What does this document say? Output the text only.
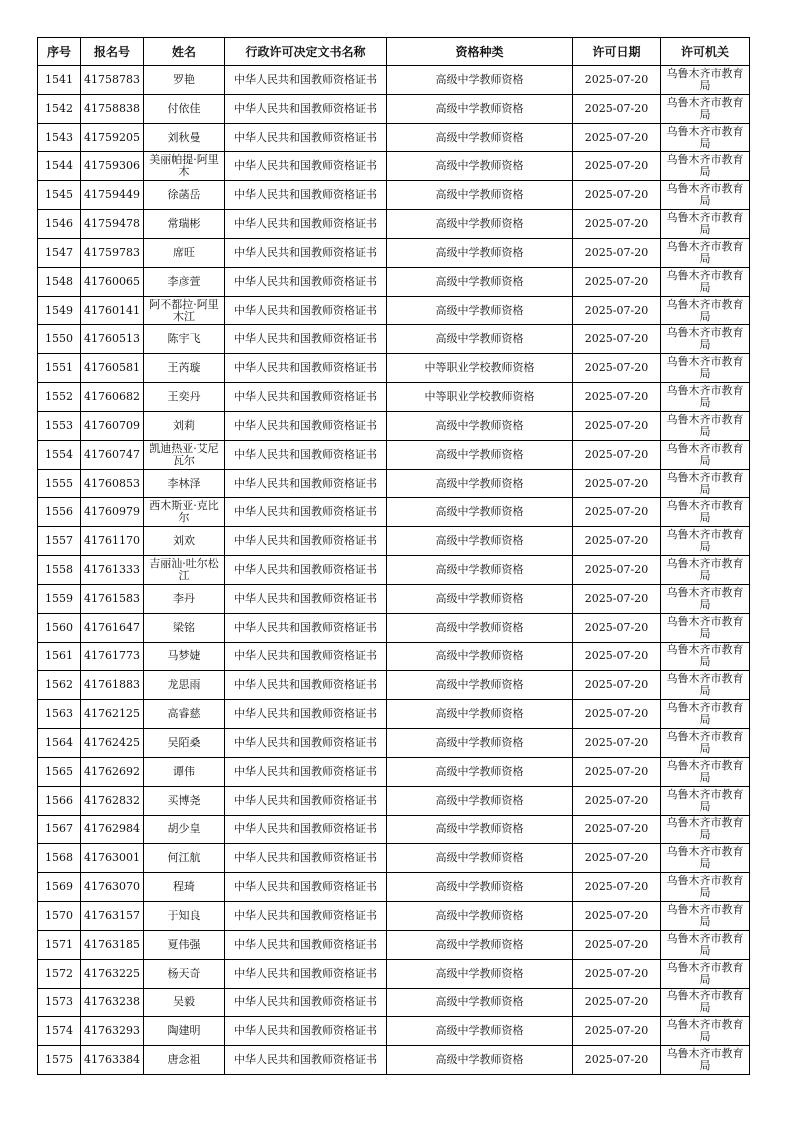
序号	报名号	姓名	行政许可决定文书名称	资格种类	许可日期	许可机关
1541	41758783	罗艳	中华人民共和国教师资格证书	高级中学教师资格	2025-07-20	乌鲁木齐市教育局
1542	41758838	付依佳	中华人民共和国教师资格证书	高级中学教师资格	2025-07-20	乌鲁木齐市教育局
1543	41759205	刘秋曼	中华人民共和国教师资格证书	高级中学教师资格	2025-07-20	乌鲁木齐市教育局
1544	41759306	美丽帕提·阿里木	中华人民共和国教师资格证书	高级中学教师资格	2025-07-20	乌鲁木齐市教育局
1545	41759449	徐菡岳	中华人民共和国教师资格证书	高级中学教师资格	2025-07-20	乌鲁木齐市教育局
1546	41759478	常瑞彬	中华人民共和国教师资格证书	高级中学教师资格	2025-07-20	乌鲁木齐市教育局
1547	41759783	席旺	中华人民共和国教师资格证书	高级中学教师资格	2025-07-20	乌鲁木齐市教育局
1548	41760065	李彦萱	中华人民共和国教师资格证书	高级中学教师资格	2025-07-20	乌鲁木齐市教育局
1549	41760141	阿不都拉·阿里木江	中华人民共和国教师资格证书	高级中学教师资格	2025-07-20	乌鲁木齐市教育局
1550	41760513	陈宇飞	中华人民共和国教师资格证书	高级中学教师资格	2025-07-20	乌鲁木齐市教育局
1551	41760581	王芮璇	中华人民共和国教师资格证书	中等职业学校教师资格	2025-07-20	乌鲁木齐市教育局
1552	41760682	王奕丹	中华人民共和国教师资格证书	中等职业学校教师资格	2025-07-20	乌鲁木齐市教育局
1553	41760709	刘莉	中华人民共和国教师资格证书	高级中学教师资格	2025-07-20	乌鲁木齐市教育局
1554	41760747	凯迪热亚·艾尼瓦尔	中华人民共和国教师资格证书	高级中学教师资格	2025-07-20	乌鲁木齐市教育局
1555	41760853	李林泽	中华人民共和国教师资格证书	高级中学教师资格	2025-07-20	乌鲁木齐市教育局
1556	41760979	西木斯亚·克比尔	中华人民共和国教师资格证书	高级中学教师资格	2025-07-20	乌鲁木齐市教育局
1557	41761170	刘欢	中华人民共和国教师资格证书	高级中学教师资格	2025-07-20	乌鲁木齐市教育局
1558	41761333	吉丽汕·吐尔松江	中华人民共和国教师资格证书	高级中学教师资格	2025-07-20	乌鲁木齐市教育局
1559	41761583	李丹	中华人民共和国教师资格证书	高级中学教师资格	2025-07-20	乌鲁木齐市教育局
1560	41761647	梁铭	中华人民共和国教师资格证书	高级中学教师资格	2025-07-20	乌鲁木齐市教育局
1561	41761773	马梦婕	中华人民共和国教师资格证书	高级中学教师资格	2025-07-20	乌鲁木齐市教育局
1562	41761883	龙思雨	中华人民共和国教师资格证书	高级中学教师资格	2025-07-20	乌鲁木齐市教育局
1563	41762125	高睿慈	中华人民共和国教师资格证书	高级中学教师资格	2025-07-20	乌鲁木齐市教育局
1564	41762425	吴陌桑	中华人民共和国教师资格证书	高级中学教师资格	2025-07-20	乌鲁木齐市教育局
1565	41762692	谭伟	中华人民共和国教师资格证书	高级中学教师资格	2025-07-20	乌鲁木齐市教育局
1566	41762832	买博尧	中华人民共和国教师资格证书	高级中学教师资格	2025-07-20	乌鲁木齐市教育局
1567	41762984	胡少皇	中华人民共和国教师资格证书	高级中学教师资格	2025-07-20	乌鲁木齐市教育局
1568	41763001	何江航	中华人民共和国教师资格证书	高级中学教师资格	2025-07-20	乌鲁木齐市教育局
1569	41763070	程琦	中华人民共和国教师资格证书	高级中学教师资格	2025-07-20	乌鲁木齐市教育局
1570	41763157	于知良	中华人民共和国教师资格证书	高级中学教师资格	2025-07-20	乌鲁木齐市教育局
1571	41763185	夏伟强	中华人民共和国教师资格证书	高级中学教师资格	2025-07-20	乌鲁木齐市教育局
1572	41763225	杨天奇	中华人民共和国教师资格证书	高级中学教师资格	2025-07-20	乌鲁木齐市教育局
1573	41763238	吴毅	中华人民共和国教师资格证书	高级中学教师资格	2025-07-20	乌鲁木齐市教育局
1574	41763293	陶建明	中华人民共和国教师资格证书	高级中学教师资格	2025-07-20	乌鲁木齐市教育局
1575	41763384	唐念祖	中华人民共和国教师资格证书	高级中学教师资格	2025-07-20	乌鲁木齐市教育局
